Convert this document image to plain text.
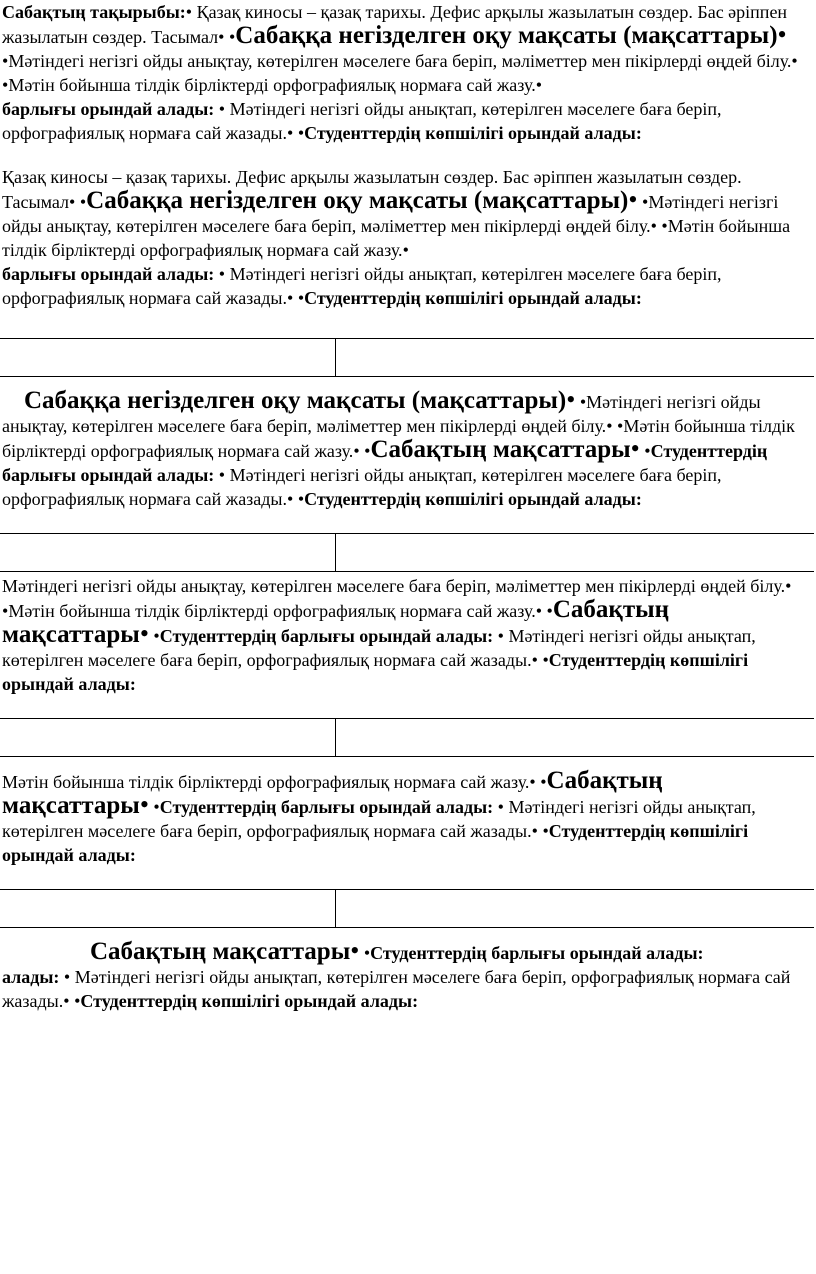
Сабақтың тақырыбы:• Қазақ киносы – қазақ тарихы. Дефис арқылы жазылатын сөздер. Бас әріппен жазылатын сөздер. Тасымал• •Сабаққа негізделген оқу мақсаты (мақсаттары)• •Мәтіндегі негізгі ойды анықтау, көтерілген мәселеге баға беріп, мәліметтер мен пікірлерді өңдей білу.• •Мәтін бойынша тілдік бірліктерді орфографиялық нормаға сай жазу.•
барлығы орындай алады: • Мәтіндегі негізгі ойды анықтап, көтерілген мәселеге баға беріп, орфографиялық нормаға сай жазады.• •Студенттердің көпшілігі орындай алады:

Қазақ киносы – қазақ тарихы. Дефис арқылы жазылатын сөздер. Бас әріппен жазылатын сөздер. Тасымал• •Сабаққа негізделген оқу мақсаты (мақсаттары)• •Мәтіндегі негізгі ойды анықтау, көтерілген мәселеге баға беріп, мәліметтер мен пікірлерді өңдей білу.• •Мәтін бойынша тілдік бірліктерді орфографиялық нормаға сай жазу.•
барлығы орындай алады: • Мәтіндегі негізгі ойды анықтап, көтерілген мәселеге баға беріп, орфографиялық нормаға сай жазады.• •Студенттердің көпшілігі орындай алады:

Сабаққа негізделген оқу мақсаты (мақсаттары)• •Мәтіндегі негізгі ойды анықтау, көтерілген мәселеге баға беріп, мәліметтер мен пікірлерді өңдей білу.• •Мәтін бойынша тілдік бірліктерді орфографиялық нормаға сай жазу.• •Сабақтың мақсаттары• •Студенттердің барлығы орындай алады: • Мәтіндегі негізгі ойды анықтап, көтерілген мәселеге баға беріп, орфографиялық нормаға сай жазады.• •Студенттердің көпшілігі орындай алады:

Мәтіндегі негізгі ойды анықтау, көтерілген мәселеге баға беріп, мәліметтер мен пікірлерді өңдей білу.• •Мәтін бойынша тілдік бірліктерді орфографиялық нормаға сай жазу.• •Сабақтың мақсаттары• •Студенттердің барлығы орындай алады: • Мәтіндегі негізгі ойды анықтап, көтерілген мәселеге баға беріп, орфографиялық нормаға сай жазады.• •Студенттердің көпшілігі орындай алады:

Мәтін бойынша тілдік бірліктерді орфографиялық нормаға сай жазу.• •Сабақтың мақсаттары• •Студенттердің барлығы орындай алады: • Мәтіндегі негізгі ойды анықтап, көтерілген мәселеге баға беріп, орфографиялық нормаға сай жазады.• •Студенттердің көпшілігі орындай алады:

Сабақтың мақсаттары• •Студенттердің барлығы орындай алады:

алады: • Мәтіндегі негізгі ойды анықтап, көтерілген мәселеге баға беріп, орфографиялық нормаға сай жазады.• •Студенттердің көпшілігі орындай алады:
